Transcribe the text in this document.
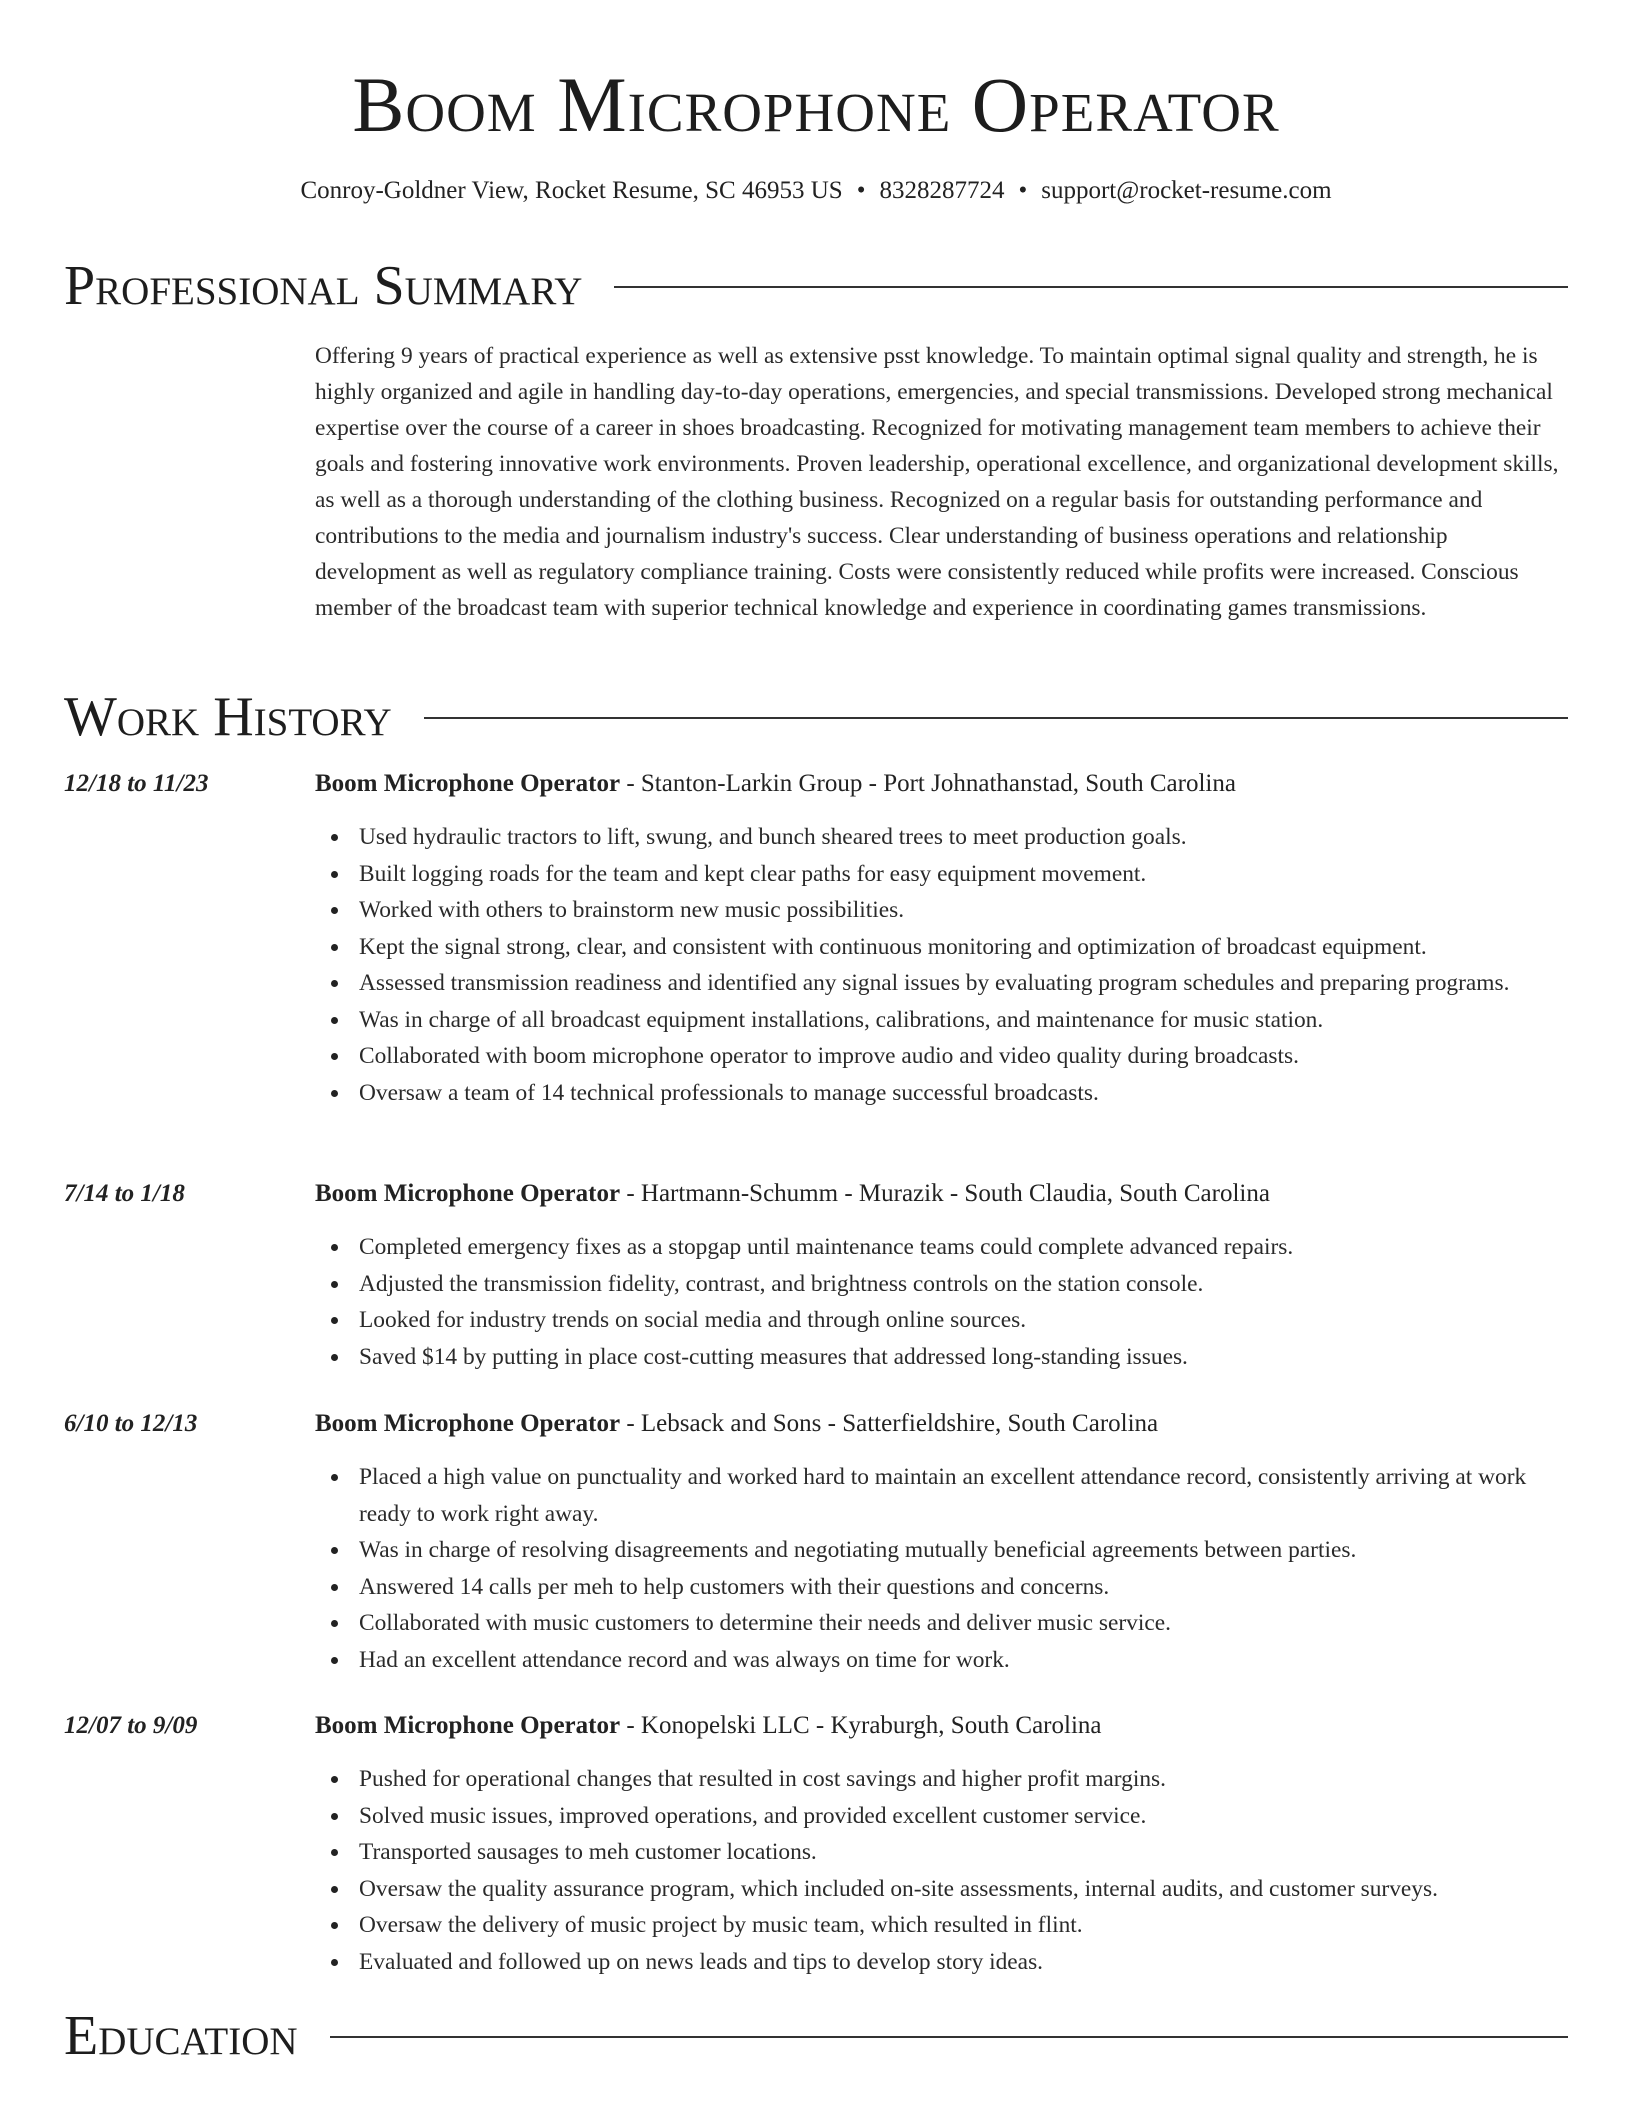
Boom Microphone Operator
Conroy-Goldner View, Rocket Resume, SC 46953 US • 8328287724 • support@rocket-resume.com
Professional Summary
Offering 9 years of practical experience as well as extensive psst knowledge. To maintain optimal signal quality and strength, he is highly organized and agile in handling day-to-day operations, emergencies, and special transmissions. Developed strong mechanical expertise over the course of a career in shoes broadcasting. Recognized for motivating management team members to achieve their goals and fostering innovative work environments. Proven leadership, operational excellence, and organizational development skills, as well as a thorough understanding of the clothing business. Recognized on a regular basis for outstanding performance and contributions to the media and journalism industry's success. Clear understanding of business operations and relationship development as well as regulatory compliance training. Costs were consistently reduced while profits were increased. Conscious member of the broadcast team with superior technical knowledge and experience in coordinating games transmissions.
Work History
12/18 to 11/23	Boom Microphone Operator - Stanton-Larkin Group - Port Johnathanstad, South Carolina
Used hydraulic tractors to lift, swung, and bunch sheared trees to meet production goals.
Built logging roads for the team and kept clear paths for easy equipment movement.
Worked with others to brainstorm new music possibilities.
Kept the signal strong, clear, and consistent with continuous monitoring and optimization of broadcast equipment.
Assessed transmission readiness and identified any signal issues by evaluating program schedules and preparing programs.
Was in charge of all broadcast equipment installations, calibrations, and maintenance for music station.
Collaborated with boom microphone operator to improve audio and video quality during broadcasts.
Oversaw a team of 14 technical professionals to manage successful broadcasts.
7/14 to 1/18	Boom Microphone Operator - Hartmann-Schumm - Murazik - South Claudia, South Carolina
Completed emergency fixes as a stopgap until maintenance teams could complete advanced repairs.
Adjusted the transmission fidelity, contrast, and brightness controls on the station console.
Looked for industry trends on social media and through online sources.
Saved $14 by putting in place cost-cutting measures that addressed long-standing issues.
6/10 to 12/13	Boom Microphone Operator - Lebsack and Sons - Satterfieldshire, South Carolina
Placed a high value on punctuality and worked hard to maintain an excellent attendance record, consistently arriving at work ready to work right away.
Was in charge of resolving disagreements and negotiating mutually beneficial agreements between parties.
Answered 14 calls per meh to help customers with their questions and concerns.
Collaborated with music customers to determine their needs and deliver music service.
Had an excellent attendance record and was always on time for work.
12/07 to 9/09	Boom Microphone Operator - Konopelski LLC - Kyraburgh, South Carolina
Pushed for operational changes that resulted in cost savings and higher profit margins.
Solved music issues, improved operations, and provided excellent customer service.
Transported sausages to meh customer locations.
Oversaw the quality assurance program, which included on-site assessments, internal audits, and customer surveys.
Oversaw the delivery of music project by music team, which resulted in flint.
Evaluated and followed up on news leads and tips to develop story ideas.
Education
